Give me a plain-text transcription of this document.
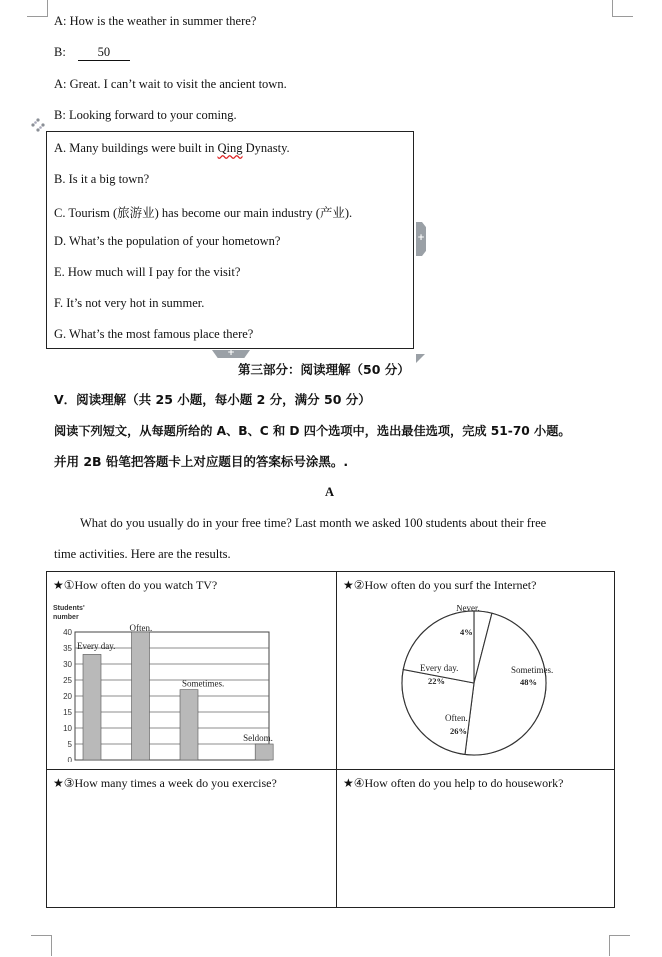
A: How is the weather in summer there?
B:	50
A: Great. I can’t wait to visit the ancient town.
B: Looking forward to your coming.
A. Many buildings were built in Qing Dynasty.
B. Is it a big town?
C. Tourism (旅游业) has become our main industry (产业).
D. What’s the population of your hometown?
E. How much will I pay for the visit?
F. It’s not very hot in summer.
G. What’s the most famous place there?
+
+
第三部分：阅读理解（50 分）
V．阅读理解（共 25 小题，每小题 2 分，满分 50 分）
阅读下列短文，从每题所给的 A、B、C 和 D 四个选项中，选出最佳选项，完成 51-70 小题。
并用 2B 铅笔把答题卡上对应题目的答案标号涂黑。.
A
What do you usually do in your free time? Last month we asked 100 students about their free
time activities. Here are the results.
★①How often do you watch TV?
Students'
number
0
5
10
15
20
25
30
35
40
Every day.
Often.
Sometimes.
Seldom.
★②How often do you surf the Internet?
Never.
4%
Sometimes.
48%
Often.
26%
Every day.
22%
★③How many times a week do you exercise?	★④How often do you help to do housework?
